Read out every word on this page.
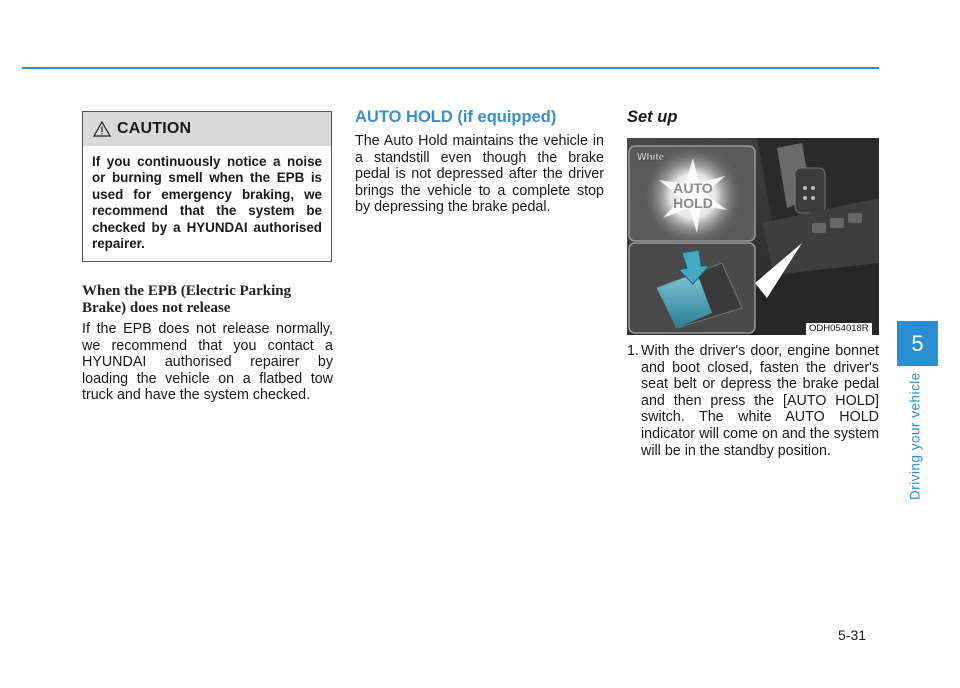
CAUTION
If you continuously notice a noise or burning smell when the EPB is used for emergency braking, we recommend that the system be checked by a HYUNDAI authorised repairer.
When the EPB (Electric Parking Brake) does not release
If the EPB does not release normally, we recommend that you contact a HYUNDAI authorised repairer by loading the vehicle on a flatbed tow truck and have the system checked.
AUTO HOLD (if equipped)
The Auto Hold maintains the vehicle in a standstill even though the brake pedal is not depressed after the driver brings the vehicle to a complete stop by depressing the brake pedal.
Set up
White
AUTO
HOLD
ODH054018R
1. With the driver's door, engine bonnet and boot closed, fasten the driver's seat belt or depress the brake pedal and then press the [AUTO HOLD] switch. The white AUTO HOLD indicator will come on and the system will be in the standby position.
5
Driving your vehicle
5-31
